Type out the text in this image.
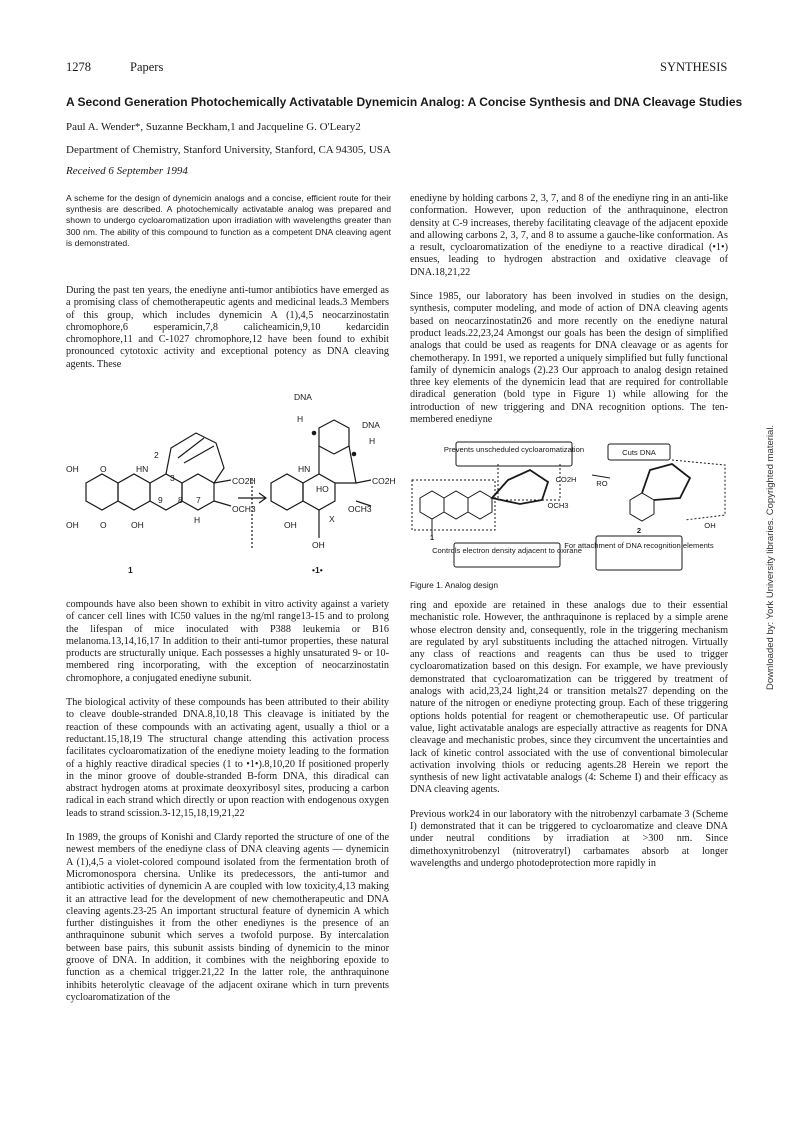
1278	Papers	SYNTHESIS
A Second Generation Photochemically Activatable Dynemicin Analog: A Concise Synthesis and DNA Cleavage Studies
Paul A. Wender*, Suzanne Beckham,1 and Jacqueline G. O'Leary2
Department of Chemistry, Stanford University, Stanford, CA 94305, USA
Received 6 September 1994
A scheme for the design of dynemicin analogs and a concise, efficient route for their synthesis are described. A photochemically activatable analog was prepared and shown to undergo cycloaromatization upon irradiation with wavelengths greater than 300 nm. The ability of this compound to function as a competent DNA cleaving agent is demonstrated.

During the past ten years, the enediyne anti-tumor antibiotics have emerged as a promising class of chemotherapeutic agents and medicinal leads.3 Members of this group, which includes dynemicin A (1),4,5 neocarzinostatin chromophore,6 esperamicin,7,8 calicheamicin,9,10 kedarcidin chromophore,11 and C-1027 chromophore,12 have been found to exhibit pronounced cytotoxic activity and exceptional potency as DNA cleaving agents. These

DNA
H
DNA
H
CO2H	CO2H
OCH3	OCH3
OH	O
OH	OH
O	OH
OH
HN	HN
HO
H	X
2
3
7
8
9
1	•1•

compounds have also been shown to exhibit in vitro activity against a variety of cancer cell lines with IC50 values in the ng/ml range13-15 and to prolong the lifespan of mice inoculated with P388 leukemia or B16 melanoma.13,14,16,17 In addition to their anti-tumor properties, these natural products are structurally unique. Each possesses a highly unsaturated 9- or 10-membered ring incorporating, with the exception of neocarzinostatin chromophore, a conjugated enediyne subunit.

The biological activity of these compounds has been attributed to their ability to cleave double-stranded DNA.8,10,18 This cleavage is initiated by the reaction of these compounds with an activating agent, usually a thiol or a reductant.15,18,19 The structural change attending this activation process facilitates cycloaromatization of the enediyne moiety leading to the formation of a highly reactive diradical species (1 to •1•).8,10,20 If positioned properly in the minor groove of double-stranded B-form DNA, this diradical can abstract hydrogen atoms at proximate deoxyribosyl sites, producing a carbon radical in each strand which directly or upon reaction with endogenous oxygen leads to strand scission.3-12,15,18,19,21,22

In 1989, the groups of Konishi and Clardy reported the structure of one of the newest members of the enediyne class of DNA cleaving agents — dynemicin A (1),4,5 a violet-colored compound isolated from the fermentation broth of Micromonospora chersina. Unlike its predecessors, the anti-tumor and antibiotic activities of dynemicin A are coupled with low toxicity,4,13 making it an attractive lead for the development of new chemotherapeutic and DNA cleaving agents.23-25 An important structural feature of dynemicin A which further distinguishes it from the other enediynes is the presence of an anthraquinone subunit which serves a twofold purpose. By intercalation between base pairs, this subunit assists binding of dynemicin to the minor groove of DNA. In addition, it combines with the neighboring epoxide to function as a chemical trigger.21,22 In the latter role, the anthraquinone inhibits heterolytic cleavage of the adjacent oxirane which in turn prevents cycloaromatization of the

enediyne by holding carbons 2, 3, 7, and 8 of the enediyne ring in an anti-like conformation. However, upon reduction of the anthraquinone, electron density at C-9 increases, thereby facilitating cleavage of the adjacent epoxide and allowing carbons 2, 3, 7, and 8 to assume a gauche-like conformation. As a result, cycloaromatization of the enediyne to a reactive diradical (•1•) ensues, leading to hydrogen abstraction and oxidative cleavage of DNA.18,21,22

Since 1985, our laboratory has been involved in studies on the design, synthesis, computer modeling, and mode of action of DNA cleaving agents based on neocarzinostatin26 and more recently on the enediyne natural product leads.22,23,24 Amongst our goals has been the design of simplified analogs that could be used as reagents for DNA cleavage or as agents for chemotherapy. In 1991, we reported a uniquely simplified but fully functional family of dynemicin analogs (2).23 Our approach to analog design retained three key elements of the dynemicin lead that are required for controllable diradical generation (bold type in Figure 1) while allowing for the introduction of new triggering and DNA recognition options. The ten-membered enediyne

Prevents unscheduled cycloaromatization	Cuts DNA
Controls electron density adjacent to oxirane
For attachment of DNA recognition elements
CO2H
OCH3
RO
OH
1
2
Figure 1. Analog design

ring and epoxide are retained in these analogs due to their essential mechanistic role. However, the anthraquinone is replaced by a simple arene whose electron density and, consequently, role in the triggering mechanism are regulated by aryl substituents including the attached nitrogen. Virtually any class of reactions and reagents can thus be used to trigger cycloaromatization based on this design. For example, we have previously demonstrated that cycloaromatization can be triggered by treatment of analogs with acid,23,24 light,24 or transition metals27 depending on the nature of the nitrogen or enediyne protecting group. Each of these triggering options holds potential for reagent or chemotherapeutic use. Of particular value, light activatable analogs are especially attractive as reagents for DNA cleavage and mechanistic probes, since they circumvent the uncertainties and lack of kinetic control associated with the use of conventional bimolecular activation involving thiols or reducing agents.28 Herein we report the synthesis of new light activatable analogs (4: Scheme I) and their efficacy as DNA cleaving agents.

Previous work24 in our laboratory with the nitrobenzyl carbamate 3 (Scheme I) demonstrated that it can be triggered to cycloaromatize and cleave DNA under neutral conditions by irradiation at >300 nm. Since dimethoxynitrobenzyl (nitroveratryl) carbamates absorb at longer wavelengths and undergo photodeprotection more rapidly in

Downloaded by: York University libraries. Copyrighted material.
